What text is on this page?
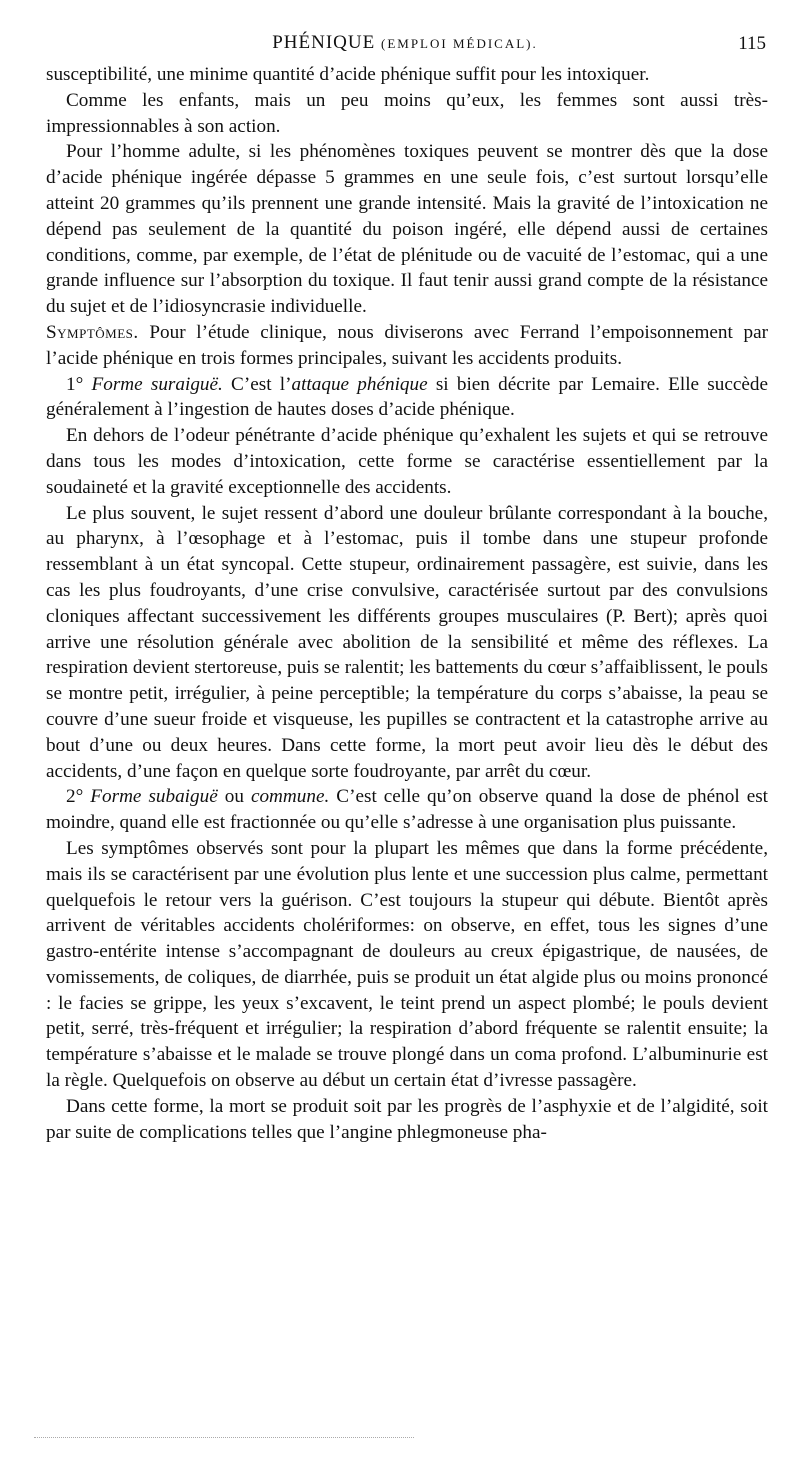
PHÉNIQUE (EMPLOI MÉDICAL).	115

susceptibilité, une minime quantité d’acide phénique suffit pour les intoxiquer.

Comme les enfants, mais un peu moins qu’eux, les femmes sont aussi très-impressionnables à son action.

Pour l’homme adulte, si les phénomènes toxiques peuvent se montrer dès que la dose d’acide phénique ingérée dépasse 5 grammes en une seule fois, c’est surtout lorsqu’elle atteint 20 grammes qu’ils prennent une grande intensité. Mais la gravité de l’intoxication ne dépend pas seulement de la quantité du poison ingéré, elle dépend aussi de certaines conditions, comme, par exemple, de l’état de plénitude ou de vacuité de l’estomac, qui a une grande influence sur l’absorption du toxique. Il faut tenir aussi grand compte de la résistance du sujet et de l’idiosyncrasie individuelle.

Symptômes. Pour l’étude clinique, nous diviserons avec Ferrand l’empoisonnement par l’acide phénique en trois formes principales, suivant les accidents produits.

1° Forme suraiguë. C’est l’attaque phénique si bien décrite par Lemaire. Elle succède généralement à l’ingestion de hautes doses d’acide phénique.

En dehors de l’odeur pénétrante d’acide phénique qu’exhalent les sujets et qui se retrouve dans tous les modes d’intoxication, cette forme se caractérise essentiellement par la soudaineté et la gravité exceptionnelle des accidents.

Le plus souvent, le sujet ressent d’abord une douleur brûlante correspondant à la bouche, au pharynx, à l’œsophage et à l’estomac, puis il tombe dans une stupeur profonde ressemblant à un état syncopal. Cette stupeur, ordinairement passagère, est suivie, dans les cas les plus foudroyants, d’une crise convulsive, caractérisée surtout par des convulsions cloniques affectant successivement les différents groupes musculaires (P. Bert); après quoi arrive une résolution générale avec abolition de la sensibilité et même des réflexes. La respiration devient stertoreuse, puis se ralentit; les battements du cœur s’affaiblissent, le pouls se montre petit, irrégulier, à peine perceptible; la température du corps s’abaisse, la peau se couvre d’une sueur froide et visqueuse, les pupilles se contractent et la catastrophe arrive au bout d’une ou deux heures. Dans cette forme, la mort peut avoir lieu dès le début des accidents, d’une façon en quelque sorte foudroyante, par arrêt du cœur.

2° Forme subaiguë ou commune. C’est celle qu’on observe quand la dose de phénol est moindre, quand elle est fractionnée ou qu’elle s’adresse à une organisation plus puissante.

Les symptômes observés sont pour la plupart les mêmes que dans la forme précédente, mais ils se caractérisent par une évolution plus lente et une succession plus calme, permettant quelquefois le retour vers la guérison. C’est toujours la stupeur qui débute. Bientôt après arrivent de véritables accidents cholériformes: on observe, en effet, tous les signes d’une gastro-entérite intense s’accompagnant de douleurs au creux épigastrique, de nausées, de vomissements, de coliques, de diarrhée, puis se produit un état algide plus ou moins prononcé : le facies se grippe, les yeux s’excavent, le teint prend un aspect plombé; le pouls devient petit, serré, très-fréquent et irrégulier; la respiration d’abord fréquente se ralentit ensuite; la température s’abaisse et le malade se trouve plongé dans un coma profond. L’albuminurie est la règle. Quelquefois on observe au début un certain état d’ivresse passagère.

Dans cette forme, la mort se produit soit par les progrès de l’asphyxie et de l’algidité, soit par suite de complications telles que l’angine phlegmoneuse pha-
